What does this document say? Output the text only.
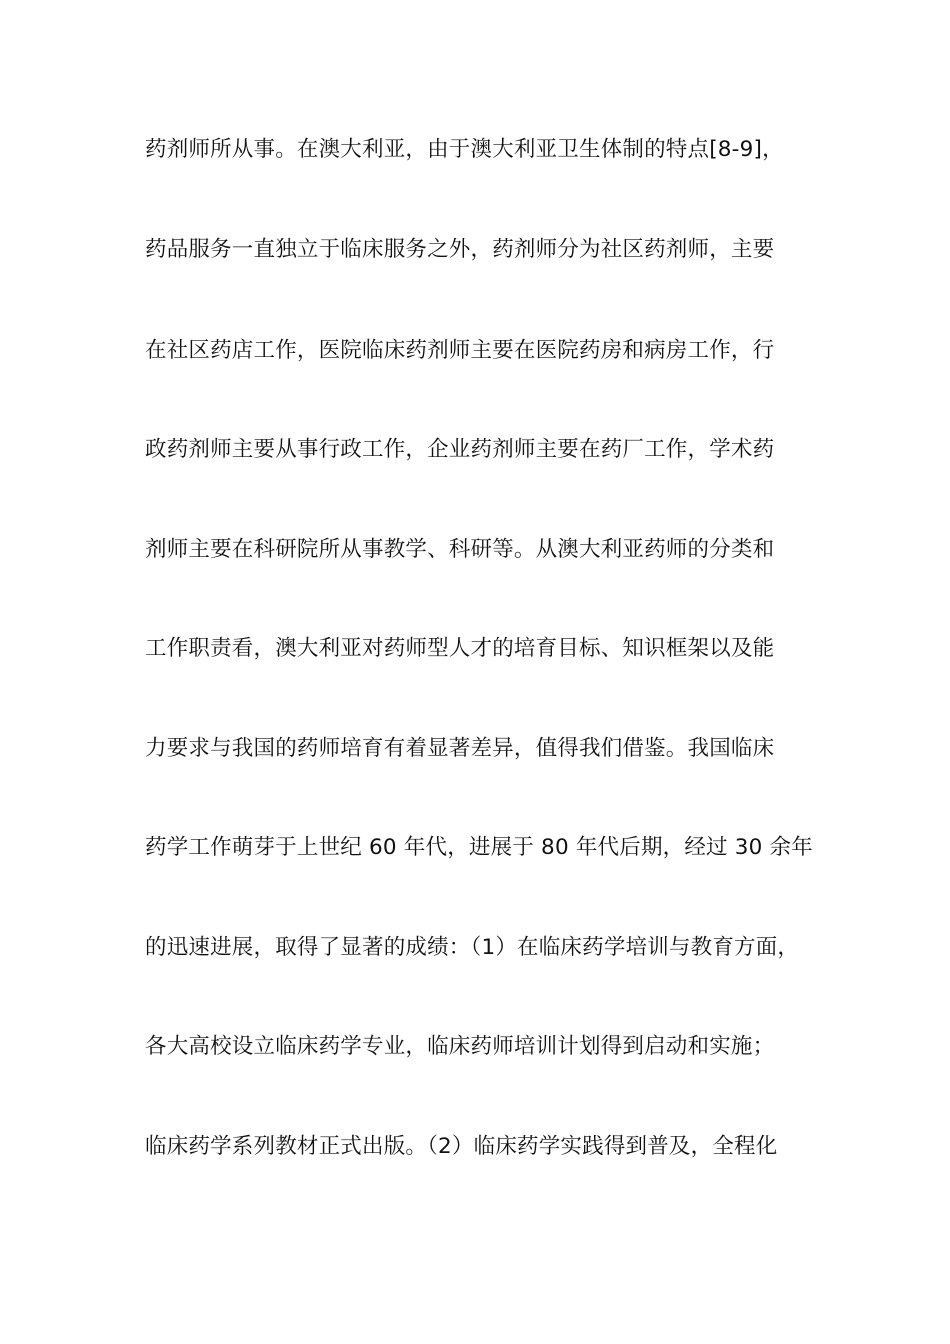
药剂师所从事。在澳大利亚，由于澳大利亚卫生体制的特点[8-9]，
药品服务一直独立于临床服务之外，药剂师分为社区药剂师，主要
在社区药店工作，医院临床药剂师主要在医院药房和病房工作，行
政药剂师主要从事行政工作，企业药剂师主要在药厂工作，学术药
剂师主要在科研院所从事教学、科研等。从澳大利亚药师的分类和
工作职责看，澳大利亚对药师型人才的培育目标、知识框架以及能
力要求与我国的药师培育有着显著差异，值得我们借鉴。我国临床
药学工作萌芽于上世纪 60 年代，进展于 80 年代后期，经过 30 余年
的迅速进展，取得了显著的成绩：（1）在临床药学培训与教育方面，
各大高校设立临床药学专业，临床药师培训计划得到启动和实施；
临床药学系列教材正式出版。（2）临床药学实践得到普及，全程化
